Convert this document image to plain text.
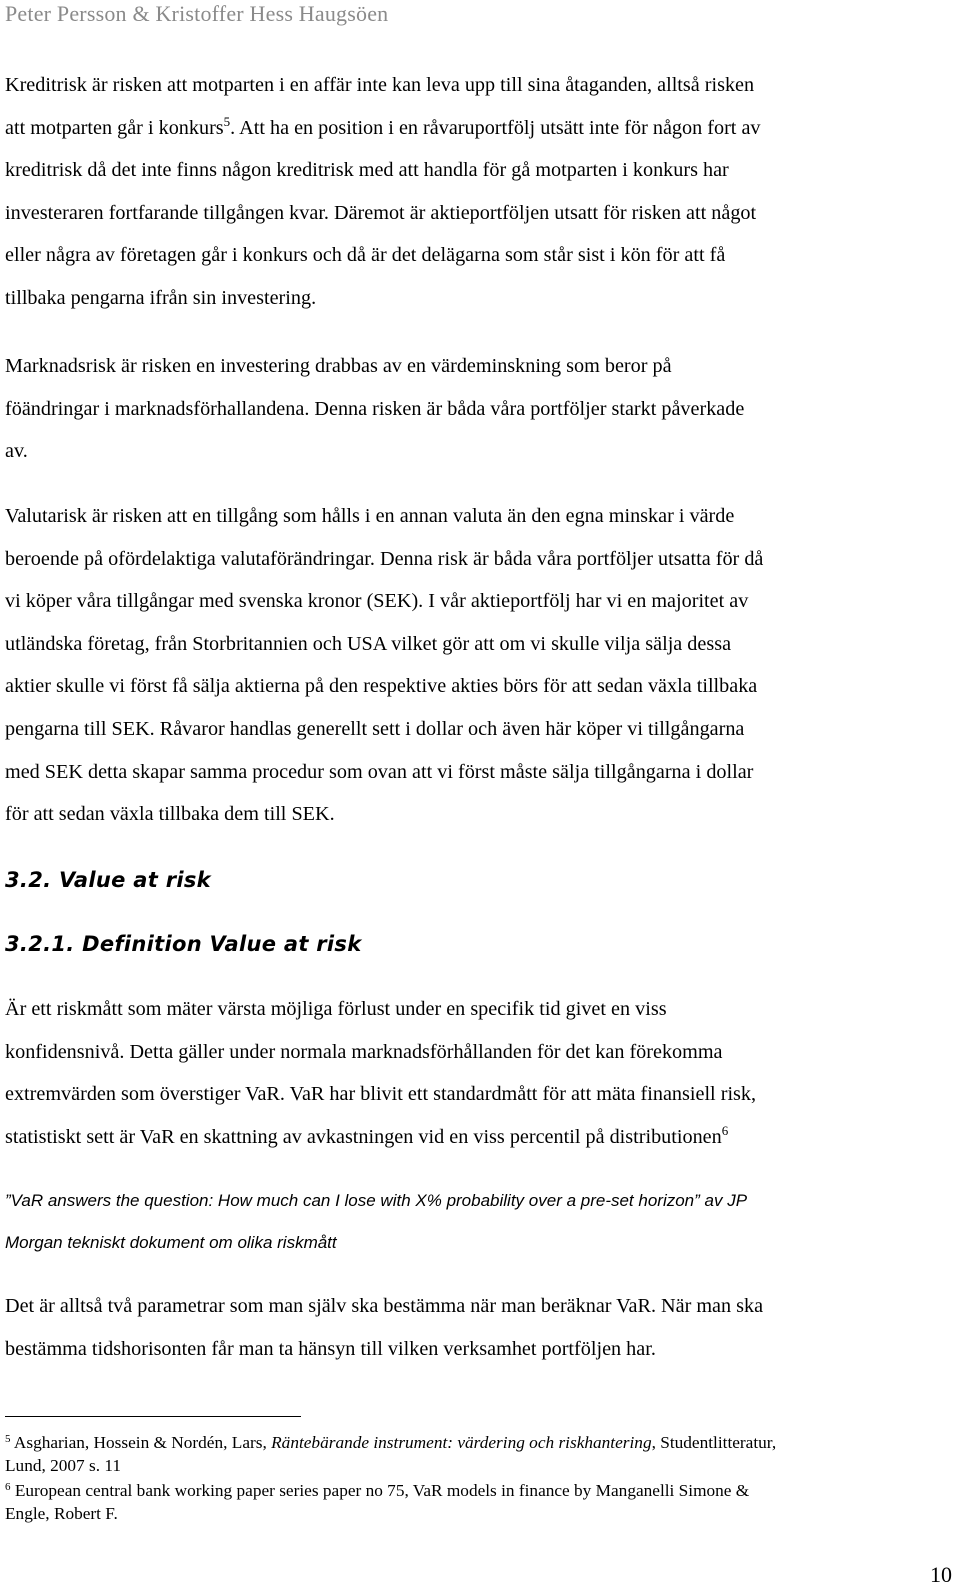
Peter Persson & Kristoffer Hess Haugsöen
Kreditrisk är risken att motparten i en affär inte kan leva upp till sina åtaganden, alltså risken
att motparten går i konkurs$^5$. Att ha en position i en råvaruportfölj utsätt inte för någon fort av
kreditrisk då det inte finns någon kreditrisk med att handla för gå motparten i konkurs har
investeraren fortfarande tillgången kvar. Däremot är aktieportföljen utsatt för risken att något
eller några av företagen går i konkurs och då är det delägarna som står sist i kön för att få
tillbaka pengarna ifrån sin investering.
Marknadsrisk är risken en investering drabbas av en värdeminskning som beror på
föändringar i marknadsförhallandena. Denna risken är båda våra portföljer starkt påverkade
av.
Valutarisk är risken att en tillgång som hålls i en annan valuta än den egna minskar i värde
beroende på ofördelaktiga valutaförändringar. Denna risk är båda våra portföljer utsatta för då
vi köper våra tillgångar med svenska kronor (SEK). I vår aktieportfölj har vi en majoritet av
utländska företag, från Storbritannien och USA vilket gör att om vi skulle vilja sälja dessa
aktier skulle vi först få sälja aktierna på den respektive akties börs för att sedan växla tillbaka
pengarna till SEK. Råvaror handlas generellt sett i dollar och även här köper vi tillgångarna
med SEK detta skapar samma procedur som ovan att vi först måste sälja tillgångarna i dollar
för att sedan växla tillbaka dem till SEK.
3.2. Value at risk
3.2.1. Definition Value at risk
Är ett riskmått som mäter värsta möjliga förlust under en specifik tid givet en viss
konfidensnivå. Detta gäller under normala marknadsförhållanden för det kan förekomma
extremvärden som överstiger VaR. VaR har blivit ett standardmått för att mäta finansiell risk,
statistiskt sett är VaR en skattning av avkastningen vid en viss percentil på distributionen$^6$
”VaR answers the question: How much can I lose with X% probability over a pre-set horizon” av JP
Morgan tekniskt dokument om olika riskmått
Det är alltså två parametrar som man själv ska bestämma när man beräknar VaR. När man ska
bestämma tidshorisonten får man ta hänsyn till vilken verksamhet portföljen har.
$^5$ Asgharian, Hossein & Nordén, Lars, Räntebärande instrument: värdering och riskhantering, Studentlitteratur,
Lund, 2007 s. 11
$^6$ European central bank working paper series paper no 75, VaR models in finance by Manganelli Simone &
Engle, Robert F.
10
